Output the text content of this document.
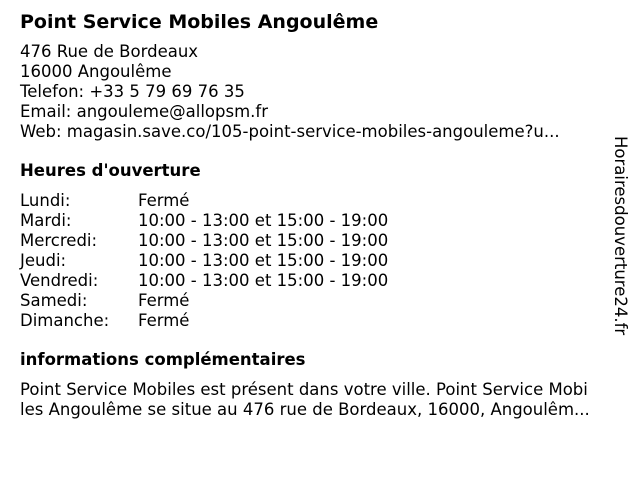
Point Service Mobiles Angoulême
476 Rue de Bordeaux
16000 Angoulême
Telefon: +33 5 79 69 76 35
Email: angouleme@allopsm.fr
Web: magasin.save.co/105-point-service-mobiles-angouleme?u...
Heures d'ouverture
Lundi:	Fermé
Mardi:	10:00 - 13:00 et 15:00 - 19:00
Mercredi:	10:00 - 13:00 et 15:00 - 19:00
Jeudi:	10:00 - 13:00 et 15:00 - 19:00
Vendredi:	10:00 - 13:00 et 15:00 - 19:00
Samedi:	Fermé
Dimanche:	Fermé
informations complémentaires
Point Service Mobiles est présent dans votre ville. Point Service Mobi
les Angoulême se situe au 476 rue de Bordeaux, 16000, Angoulêm...
Horairesdouverture24.fr
